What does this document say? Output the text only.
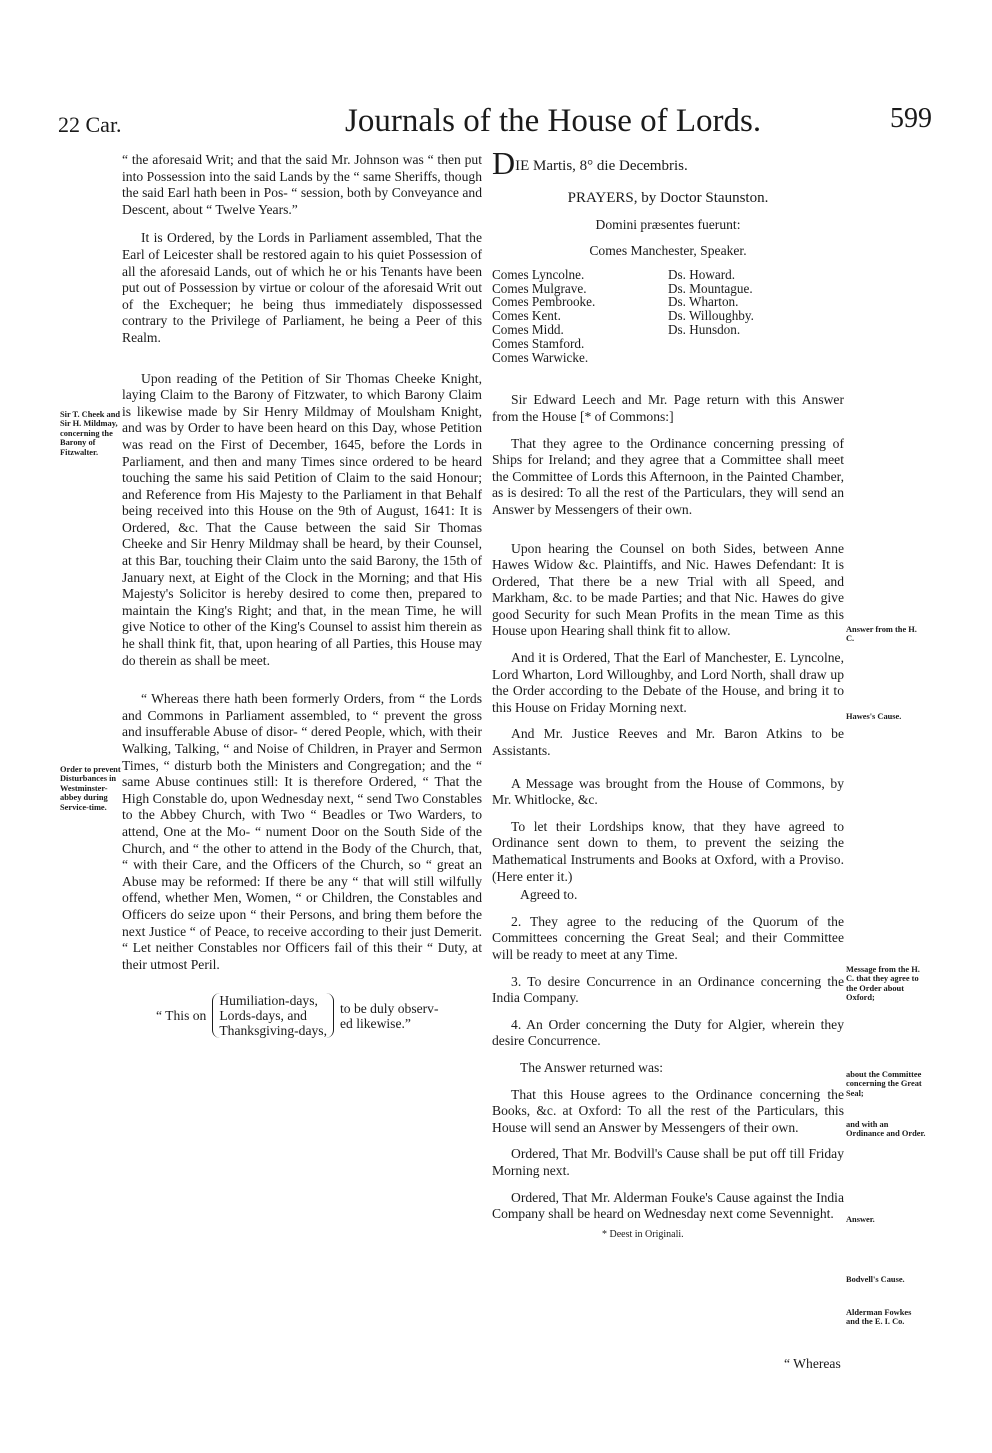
22 Car.	Journals of the House of Lords.	599
Sir T. Cheek and Sir H. Mildmay, concerning the Barony of Fitzwalter.
Order to prevent Disturbances in Westminster-abbey during Service-time.

“ the aforesaid Writ; and that the said Mr. Johnson was “ then put into Possession into the said Lands by the “ same Sheriffs, though the said Earl hath been in Pos- “ session, both by Conveyance and Descent, about “ Twelve Years.”

It is Ordered, by the Lords in Parliament assembled, That the Earl of Leicester shall be restored again to his quiet Possession of all the aforesaid Lands, out of which he or his Tenants have been put out of Possession by virtue or colour of the aforesaid Writ out of the Exchequer; he being thus immediately dispossessed contrary to the Privilege of Parliament, he being a Peer of this Realm.

Upon reading of the Petition of Sir Thomas Cheeke Knight, laying Claim to the Barony of Fitzwater, to which Barony Claim is likewise made by Sir Henry Mildmay of Moulsham Knight, and was by Order to have been heard on this Day, whose Petition was read on the First of December, 1645, before the Lords in Parliament, and then and many Times since ordered to be heard touching the same his said Petition of Claim to the said Honour; and Reference from His Majesty to the Parliament in that Behalf being received into this House on the 9th of August, 1641: It is Ordered, &c. That the Cause between the said Sir Thomas Cheeke and Sir Henry Mildmay shall be heard, by their Counsel, at this Bar, touching their Claim unto the said Barony, the 15th of January next, at Eight of the Clock in the Morning; and that His Majesty's Solicitor is hereby desired to come then, prepared to maintain the King's Right; and that, in the mean Time, he will give Notice to other of the King's Counsel to assist him therein as he shall think fit, that, upon hearing of all Parties, this House may do therein as shall be meet.

“ Whereas there hath been formerly Orders, from “ the Lords and Commons in Parliament assembled, to “ prevent the gross and insufferable Abuse of disor- “ dered People, which, with their Walking, Talking, “ and Noise of Children, in Prayer and Sermon Times, “ disturb both the Ministers and Congregation; and the “ same Abuse continues still: It is therefore Ordered, “ That the High Constable do, upon Wednesday next, “ send Two Constables to the Abbey Church, with Two “ Beadles or Two Warders, to attend, One at the Mo- “ nument Door on the South Side of the Church, and “ the other to attend in the Body of the Church, that, “ with their Care, and the Officers of the Church, so “ great an Abuse may be reformed: If there be any “ that will still wilfully offend, whether Men, Women, “ or Children, the Constables and Officers do seize upon “ their Persons, and bring them before the next Justice “ of Peace, to receive according to their just Demerit. “ Let neither Constables nor Officers fail of this their “ Duty, at their utmost Peril.

“ This on
Humiliation-days,
Lords-days, and
Thanksgiving-days,
to be duly observ-
ed likewise.”
DIE Martis, 8° die Decembris.

PRAYERS, by Doctor Staunston.

Domini præsentes fuerunt:

Comes Manchester, Speaker.

Comes Lyncolne.
Comes Mulgrave.
Comes Pembrooke.
Comes Kent.
Comes Midd.
Comes Stamford.
Comes Warwicke.
Ds. Howard.
Ds. Mountague.
Ds. Wharton.
Ds. Willoughby.
Ds. Hunsdon.

Sir Edward Leech and Mr. Page return with this Answer from the House [* of Commons:]

That they agree to the Ordinance concerning pressing of Ships for Ireland; and they agree that a Committee shall meet the Committee of Lords this Afternoon, in the Painted Chamber, as is desired: To all the rest of the Particulars, they will send an Answer by Messengers of their own.

Upon hearing the Counsel on both Sides, between Anne Hawes Widow &c. Plaintiffs, and Nic. Hawes Defendant: It is Ordered, That there be a new Trial with all Speed, and Markham, &c. to be made Parties; and that Nic. Hawes do give good Security for such Mean Profits in the mean Time as this House upon Hearing shall think fit to allow.

And it is Ordered, That the Earl of Manchester, E. Lyncolne, Lord Wharton, Lord Willoughby, and Lord North, shall draw up the Order according to the Debate of the House, and bring it to this House on Friday Morning next.

And Mr. Justice Reeves and Mr. Baron Atkins to be Assistants.

A Message was brought from the House of Commons, by Mr. Whitlocke, &c.

To let their Lordships know, that they have agreed to Ordinance sent down to them, to prevent the seizing the Mathematical Instruments and Books at Oxford, with a Proviso. (Here enter it.)

Agreed to.

2. They agree to the reducing of the Quorum of the Committees concerning the Great Seal; and their Committee will be ready to meet at any Time.

3. To desire Concurrence in an Ordinance concerning the India Company.

4. An Order concerning the Duty for Algier, wherein they desire Concurrence.

The Answer returned was:

That this House agrees to the Ordinance concerning the Books, &c. at Oxford: To all the rest of the Particulars, this House will send an Answer by Messengers of their own.

Ordered, That Mr. Bodvill's Cause shall be put off till Friday Morning next.

Ordered, That Mr. Alderman Fouke's Cause against the India Company shall be heard on Wednesday next come Sevennight.

* Deest in Originali.
Answer from the H. C.
Hawes's Cause.
Message from the H. C. that they agree to the Order about Oxford;
about the Committee concerning the Great Seal;
and with an Ordinance and Order.
Answer.
Bodvell's Cause.
Alderman Fowkes and the E. I. Co.
“ Whereas
